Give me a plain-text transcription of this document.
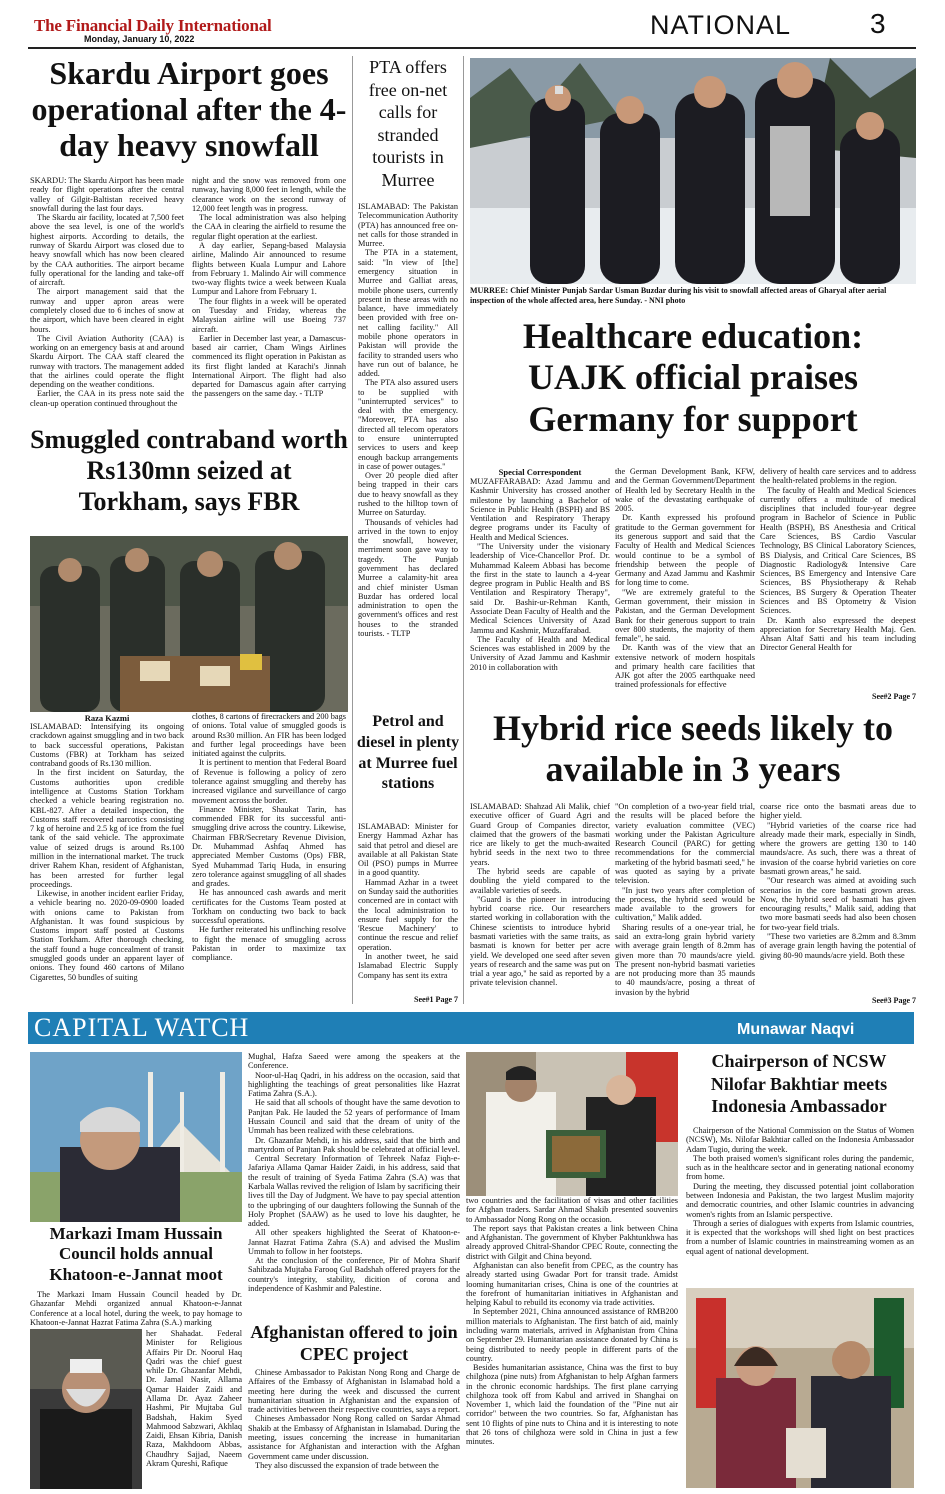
The Financial Daily International
Monday, January 10, 2022	NATIONAL	3
Skardu Airport goes operational after the 4-day heavy snowfall

SKARDU: The Skardu Airport has been made ready for flight operations after the central valley of Gilgit-Baltistan received heavy snowfall during the last four days.

The Skardu air facility, located at 7,500 feet above the sea level, is one of the world's highest airports. According to details, the runway of Skardu Airport was closed due to heavy snowfall which has now been cleared by the CAA authorities. The airport became fully operational for the landing and take-off of aircraft.

The airport management said that the runway and upper apron areas were completely closed due to 6 inches of snow at the airport, which have been cleared in eight hours.

The Civil Aviation Authority (CAA) is working on an emergency basis at and around Skardu Airport. The CAA staff cleared the runway with tractors. The management added that the airlines could operate the flight depending on the weather conditions.

Earlier, the CAA in its press note said the clean-up operation continued throughout the

night and the snow was removed from one runway, having 8,000 feet in length, while the clearance work on the second runway of 12,000 feet length was in progress.

The local administration was also helping the CAA in clearing the airfield to resume the regular flight operation at the earliest.

A day earlier, Sepang-based Malaysia airline, Malindo Air announced to resume flights between Kuala Lumpur and Lahore from February 1. Malindo Air will commence two-way flights twice a week between Kuala Lumpur and Lahore from February 1.

The four flights in a week will be operated on Tuesday and Friday, whereas the Malaysian airline will use Boeing 737 aircraft.

Earlier in December last year, a Damascus-based air carrier, Cham Wings Airlines commenced its flight operation in Pakistan as its first flight landed at Karachi's Jinnah International Airport. The flight had also departed for Damascus again after carrying the passengers on the same day. - TLTP

PTA offers free on-net calls for stranded tourists in Murree

ISLAMABAD: The Pakistan Telecommunication Authority (PTA) has announced free on-net calls for those stranded in Murree.

The PTA in a statement, said: "In view of [the] emergency situation in Murree and Galliat areas, mobile phone users, currently present in these areas with no balance, have immediately been provided with free on-net calling facility." All mobile phone operators in Pakistan will provide the facility to stranded users who have run out of balance, he added.

The PTA also assured users to be supplied with "uninterrupted services" to deal with the emergency. "Moreover, PTA has also directed all telecom operators to ensure uninterrupted services to users and keep enough backup arrangements in case of power outages."

Over 20 people died after being trapped in their cars due to heavy snowfall as they rushed to the hilltop town of Murree on Saturday.

Thousands of vehicles had arrived in the town to enjoy the snowfall, however, merriment soon gave way to tragedy. The Punjab government has declared Murree a calamity-hit area and chief minister Usman Buzdar has ordered local administration to open the government's offices and rest houses to the stranded tourists. - TLTP

MURREE: Chief Minister Punjab Sardar Usman Buzdar during his visit to snowfall affected areas of Gharyal after aerial inspection of the whole affected area, here Sunday. - NNI photo
Healthcare education: UAJK official praises Germany for support
Special Correspondent

MUZAFFARABAD: Azad Jammu and Kashmir University has crossed another milestone by launching a Bachelor of Science in Public Health (BSPH) and BS Ventilation and Respiratory Therapy degree programs under its Faculty of Health and Medical Sciences.

"The University under the visionary leadership of Vice-Chancellor Prof. Dr. Muhammad Kaleem Abbasi has become the first in the state to launch a 4-year degree program in Public Health and BS Ventilation and Respiratory Therapy", said Dr. Bashir-ur-Rehman Kanth, Associate Dean Faculty of Health and the Medical Sciences University of Azad Jammu and Kashmir, Muzaffarabad.

The Faculty of Health and Medical Sciences was established in 2009 by the University of Azad Jammu and Kashmir 2010 in collaboration with

the German Development Bank, KFW, and the German Government/Department of Health led by Secretary Health in the wake of the devastating earthquake of 2005.

Dr. Kanth expressed his profound gratitude to the German government for its generous support and said that the Faculty of Health and Medical Sciences would continue to be a symbol of friendship between the people of Germany and Azad Jammu and Kashmir for long time to come.

"We are extremely grateful to the German government, their mission in Pakistan, and the German Development Bank for their generous support to train over 800 students, the majority of them female", he said.

Dr. Kanth was of the view that an extensive network of modern hospitals and primary health care facilities that AJK got after the 2005 earthquake need trained professionals for effective

delivery of health care services and to address the health-related problems in the region.

The faculty of Health and Medical Sciences currently offers a multitude of medical disciplines that included four-year degree program in Bachelor of Science in Public Health (BSPH), BS Anesthesia and Critical Care Sciences, BS Cardio Vascular Technology, BS Clinical Laboratory Sciences, BS Dialysis, and Critical Care Sciences, BS Diagnostic Radiology& Intensive Care Sciences, BS Emergency and Intensive Care Sciences, BS Physiotherapy & Rehab Sciences, BS Surgery & Operation Theater Sciences and BS Optometry & Vision Sciences.

Dr. Kanth also expressed the deepest appreciation for Secretary Health Maj. Gen. Ahsan Altaf Satti and his team including Director General Health for

See#2 Page 7
Smuggled contraband worth Rs130mn seized at Torkham, says FBR
Raza Kazmi

ISLAMABAD: Intensifying its ongoing crackdown against smuggling and in two back to back successful operations, Pakistan Customs (FBR) at Torkham has seized contraband goods of Rs.130 million.

In the first incident on Saturday, the Customs authorities upon credible intelligence at Customs Station Torkham checked a vehicle bearing registration no. KBL-827. After a detailed inspection, the Customs staff recovered narcotics consisting 7 kg of heroine and 2.5 kg of ice from the fuel tank of the said vehicle. The approximate value of seized drugs is around Rs.100 million in the international market. The truck driver Rahem Khan, resident of Afghanistan, has been arrested for further legal proceedings.

Likewise, in another incident earlier Friday, a vehicle bearing no. 2020-09-0900 loaded with onions came to Pakistan from Afghanistan. It was found suspicious by Customs import staff posted at Customs Station Torkham. After thorough checking, the staff found a huge concealment of transit smuggled goods under an apparent layer of onions. They found 460 cartons of Milano Cigarettes, 50 bundles of suiting

clothes, 8 cartons of firecrackers and 200 bags of onions. Total value of smuggled goods is around Rs30 million. An FIR has been lodged and further legal proceedings have been initiated against the culprits.

It is pertinent to mention that Federal Board of Revenue is following a policy of zero tolerance against smuggling and thereby has increased vigilance and surveillance of cargo movement across the border.

Finance Minister, Shaukat Tarin, has commended FBR for its successful anti-smuggling drive across the country. Likewise, Chairman FBR/Secretary Revenue Division, Dr. Muhammad Ashfaq Ahmed has appreciated Member Customs (Ops) FBR, Syed Muhammad Tariq Huda, in ensuring zero tolerance against smuggling of all shades and grades.

He has announced cash awards and merit certificates for the Customs Team posted at Torkham on conducting two back to back successful operations.

He further reiterated his unflinching resolve to fight the menace of smuggling across Pakistan in order to maximize tax compliance.

Petrol and diesel in plenty at Murree fuel stations

ISLAMABAD: Minister for Energy Hammad Azhar has said that petrol and diesel are available at all Pakistan State Oil (PSO) pumps in Murree in a good quantity.

Hammad Azhar in a tweet on Sunday said the authorities concerned are in contact with the local administration to ensure fuel supply for the 'Rescue Machinery' to continue the rescue and relief operation.

In another tweet, he said Islamabad Electric Supply Company has sent its extra

See#1 Page 7
Hybrid rice seeds likely to available in 3 years

ISLAMABAD: Shahzad Ali Malik, chief executive officer of Guard Agri and Guard Group of Companies director, claimed that the growers of the basmati rice are likely to get the much-awaited hybrid seeds in the next two to three years.

The hybrid seeds are capable of doubling the yield compared to the available varieties of seeds.

"Guard is the pioneer in introducing hybrid coarse rice. Our researchers started working in collaboration with the Chinese scientists to introduce hybrid basmati varieties with the same traits, as basmati is known for better per acre yield. We developed one seed after seven years of research and the same was put on trial a year ago," he said as reported by a private television channel.

"On completion of a two-year field trial, the results will be placed before the variety evaluation committee (VEC) working under the Pakistan Agriculture Research Council (PARC) for getting recommendations for the commercial marketing of the hybrid basmati seed," he was quoted as saying by a private television.

"In just two years after completion of the process, the hybrid seed would be made available to the growers for cultivation," Malik added.

Sharing results of a one-year trial, he said an extra-long grain hybrid variety with average grain length of 8.2mm has given more than 70 maunds/acre yield. The present non-hybrid basmati varieties are not producing more than 35 maunds to 40 maunds/acre, posing a threat of invasion by the hybrid

coarse rice onto the basmati areas due to higher yield.

"Hybrid varieties of the coarse rice had already made their mark, especially in Sindh, where the growers are getting 130 to 140 maunds/acre. As such, there was a threat of invasion of the coarse hybrid varieties on core basmati grown areas," he said.

"Our research was aimed at avoiding such scenarios in the core basmati grown areas. Now, the hybrid seed of basmati has given encouraging results," Malik said, adding that two more basmati seeds had also been chosen for two-year field trials.

"These two varieties are 8.2mm and 8.3mm of average grain length having the potential of giving 80-90 maunds/acre yield. Both these

See#3 Page 7
CAPITAL WATCH	Munawar Naqvi
Markazi Imam Hussain Council holds annual Khatoon-e-Jannat moot

The Markazi Imam Hussain Council headed by Dr. Ghazanfar Mehdi organized annual Khatoon-e-Jannat Conference at a local hotel, during the week, to pay homage to Khatoon-e-Jannat Hazrat Fatima Zahra (S.A.) marking

her Shahadat. Federal Minister for Religious Affairs Pir Dr. Noorul Haq Qadri was the chief guest while Dr. Ghazanfar Mehdi, Dr. Jamal Nasir, Allama Qamar Haider Zaidi and Allama Dr. Ayaz Zaheer Hashmi, Pir Mujtaba Gul Badshah, Hakim Syed Mahmood Sabzwari, Akhlaq Zaidi, Ehsan Kibria, Danish Raza, Makhdoom Abbas, Chaudhry Sajjad, Naeem Akram Qureshi, Rafique

Mughal, Hafza Saeed were among the speakers at the Conference.

Noor-ul-Haq Qadri, in his address on the occasion, said that highlighting the teachings of great personalities like Hazrat Fatima Zahra (S.A.).

He said that all schools of thought have the same devotion to Panjtan Pak. He lauded the 52 years of performance of Imam Hussain Council and said that the dream of unity of the Ummah has been realized with these celebrations.

Dr. Ghazanfar Mehdi, in his address, said that the birth and martyrdom of Panjtan Pak should be celebrated at official level.

Central Secretary Information of Tehreek Nafaz Fiqh-e-Jafariya Allama Qamar Haider Zaidi, in his address, said that the result of training of Syeda Fatima Zahra (S.A) was that Karbala Wallas revived the religion of Islam by sacrificing their lives till the Day of Judgment. We have to pay special attention to the upbringing of our daughters following the Sunnah of the Holy Prophet (SAAW) as he used to love his daughter, he added.

All other speakers highlighted the Seerat of Khatoon-e-Jannat Hazrat Fatima Zahra (S.A) and advised the Muslim Ummah to follow in her footsteps.

At the conclusion of the conference, Pir of Mohra Sharif Sahibzada Mujtaba Farooq Gul Badshah offered prayers for the country's integrity, stability, dicition of corona and independence of Kashmir and Palestine.

Afghanistan offered to join CPEC project

Chinese Ambassador to Pakistan Nong Rong and Charge de Affaires of the Embassy of Afghanistan in Islamabad hold a meeting here during the week and discussed the current humanitarian situation in Afghanistan and the expansion of trade activities between their respective countries, says a report.

Chineses Ambassador Nong Rong called on Sardar Ahmad Shakib at the Embassy of Afghanistan in Islamabad. During the meeting, issues concerning the increase in humanitarian assistance for Afghanistan and interaction with the Afghan Government came under discussion.

They also discussed the expansion of trade between the

two countries and the facilitation of visas and other facilities for Afghan traders. Sardar Ahmad Shakib presented souvenirs to Ambassador Nong Rong on the occasion.

The report says that Pakistan creates a link between China and Afghanistan. The government of Khyber Pakhtunkhwa has already approved Chitral-Shandor CPEC Route, connecting the district with Gilgit and China beyond.

Afghanistan can also benefit from CPEC, as the country has already started using Gwadar Port for transit trade. Amidst looming humanitarian crises, China is one of the countries at the forefront of humanitarian initiatives in Afghanistan and helping Kabul to rebuild its economy via trade activities.

In September 2021, China announced assistance of RMB200 million materials to Afghanistan. The first batch of aid, mainly including warm materials, arrived in Afghanistan from China on September 29. Humanitarian assistance donated by China is being distributed to needy people in different parts of the country.

Besides humanitarian assistance, China was the first to buy chilghoza (pine nuts) from Afghanistan to help Afghan farmers in the chronic economic hardships. The first plane carrying chilghoza took off from Kabul and arrived in Shanghai on November 1, which laid the foundation of the "Pine nut air corridor" between the two countries. So far, Afghanistan has sent 10 flights of pine nuts to China and it is interesting to note that 26 tons of chilghoza were sold in China in just a few minutes.

Chairperson of NCSW Nilofar Bakhtiar meets Indonesia Ambassador

Chairperson of the National Commission on the Status of Women (NCSW), Ms. Nilofar Bakhtiar called on the Indonesia Ambassador Adam Tugio, during the week.

The both praised women's significant roles during the pandemic, such as in the healthcare sector and in generating national economy from home.

During the meeting, they discussed potential joint collaboration between Indonesia and Pakistan, the two largest Muslim majority and democratic countries, and other Islamic countries in advancing women's rights from an Islamic perspective.

Through a series of dialogues with experts from Islamic countries, it is expected that the workshops will shed light on best practices from a number of Islamic countries in mainstreaming women as an equal agent of national development.
